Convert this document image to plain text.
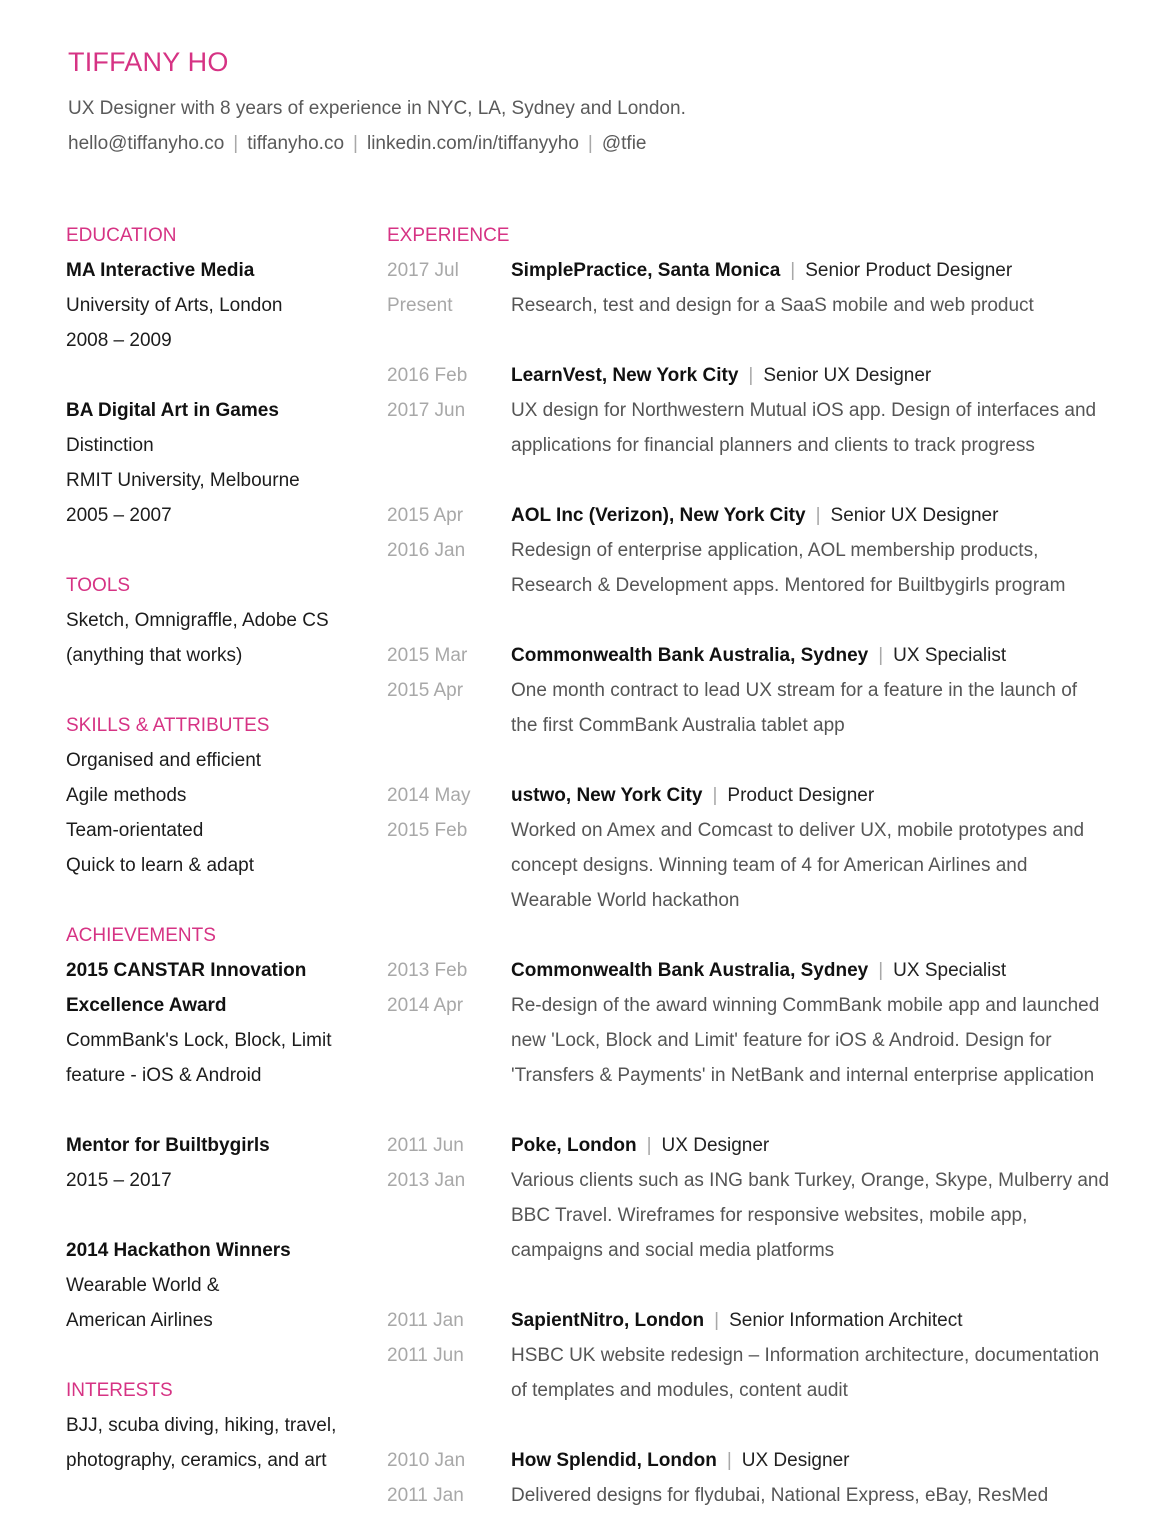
TIFFANY HO
UX Designer with 8 years of experience in NYC, LA, Sydney and London.
hello@tiffanyho.co | tiffanyho.co | linkedin.com/in/tiffanyyho | @tfie
EDUCATION
MA Interactive Media
University of Arts, London
2008 – 2009
BA Digital Art in Games
Distinction
RMIT University, Melbourne
2005 – 2007
TOOLS
Sketch, Omnigraffle, Adobe CS
(anything that works)
SKILLS & ATTRIBUTES
Organised and efficient
Agile methods
Team-orientated
Quick to learn & adapt
ACHIEVEMENTS
2015 CANSTAR Innovation
Excellence Award
CommBank's Lock, Block, Limit
feature - iOS & Android
Mentor for Builtbygirls
2015 – 2017
2014 Hackathon Winners
Wearable World &
American Airlines
INTERESTS
BJJ, scuba diving, hiking, travel,
photography, ceramics, and art
EXPERIENCE
2017 Jul	SimplePractice, Santa Monica | Senior Product Designer
Present	Research, test and design for a SaaS mobile and web product
2016 Feb	LearnVest, New York City | Senior UX Designer
2017 Jun	UX design for Northwestern Mutual iOS app. Design of interfaces and
applications for financial planners and clients to track progress
2015 Apr	AOL Inc (Verizon), New York City | Senior UX Designer
2016 Jan	Redesign of enterprise application, AOL membership products,
Research & Development apps. Mentored for Builtbygirls program
2015 Mar	Commonwealth Bank Australia, Sydney | UX Specialist
2015 Apr	One month contract to lead UX stream for a feature in the launch of
the first CommBank Australia tablet app
2014 May	ustwo, New York City | Product Designer
2015 Feb	Worked on Amex and Comcast to deliver UX, mobile prototypes and
concept designs. Winning team of 4 for American Airlines and
Wearable World hackathon
2013 Feb	Commonwealth Bank Australia, Sydney | UX Specialist
2014 Apr	Re-design of the award winning CommBank mobile app and launched
new 'Lock, Block and Limit' feature for iOS & Android. Design for
'Transfers & Payments' in NetBank and internal enterprise application
2011 Jun	Poke, London | UX Designer
2013 Jan	Various clients such as ING bank Turkey, Orange, Skype, Mulberry and
BBC Travel. Wireframes for responsive websites, mobile app,
campaigns and social media platforms
2011 Jan	SapientNitro, London | Senior Information Architect
2011 Jun	HSBC UK website redesign – Information architecture, documentation
of templates and modules, content audit
2010 Jan	How Splendid, London | UX Designer
2011 Jan	Delivered designs for flydubai, National Express, eBay, ResMed
